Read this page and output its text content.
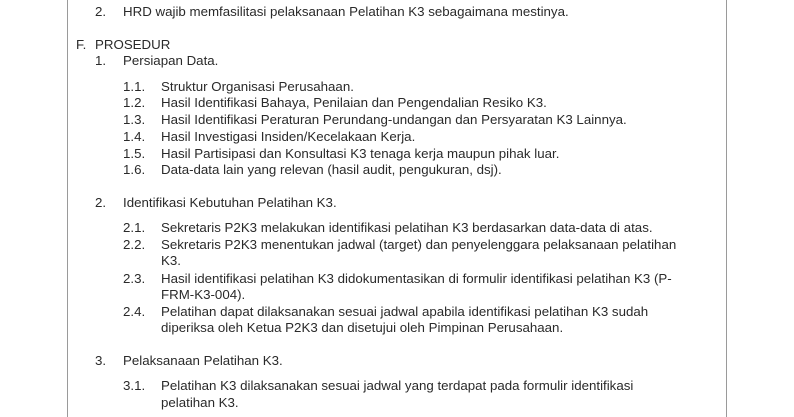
2. HRD wajib memfasilitasi pelaksanaan Pelatihan K3 sebagaimana mestinya.
F. PROSEDUR
1. Persiapan Data.
1.1. Struktur Organisasi Perusahaan.
1.2. Hasil Identifikasi Bahaya, Penilaian dan Pengendalian Resiko K3.
1.3. Hasil Identifikasi Peraturan Perundang-undangan dan Persyaratan K3 Lainnya.
1.4. Hasil Investigasi Insiden/Kecelakaan Kerja.
1.5. Hasil Partisipasi dan Konsultasi K3 tenaga kerja maupun pihak luar.
1.6. Data-data lain yang relevan (hasil audit, pengukuran, dsj).
2. Identifikasi Kebutuhan Pelatihan K3.
2.1. Sekretaris P2K3 melakukan identifikasi pelatihan K3 berdasarkan data-data di atas.
2.2. Sekretaris P2K3 menentukan jadwal (target) dan penyelenggara pelaksanaan pelatihan
K3.
2.3. Hasil identifikasi pelatihan K3 didokumentasikan di formulir identifikasi pelatihan K3 (P-
FRM-K3-004).
2.4. Pelatihan dapat dilaksanakan sesuai jadwal apabila identifikasi pelatihan K3 sudah
diperiksa oleh Ketua P2K3 dan disetujui oleh Pimpinan Perusahaan.
3. Pelaksanaan Pelatihan K3.
3.1. Pelatihan K3 dilaksanakan sesuai jadwal yang terdapat pada formulir identifikasi
pelatihan K3.
